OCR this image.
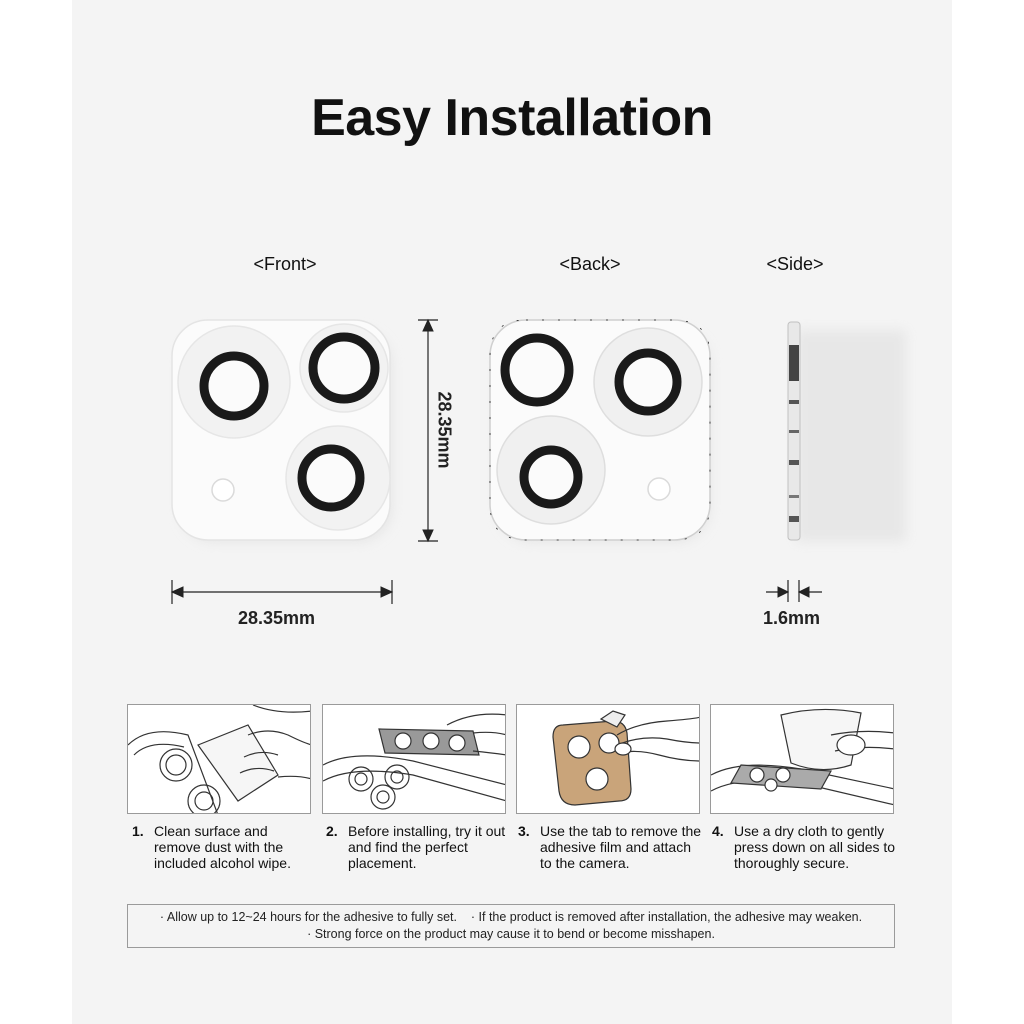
Easy Installation
<Front>	<Back>	<Side>
28.35mm
28.35mm	1.6mm
1. Clean surface and remove dust with the included alcohol wipe.
2. Before installing, try it out and find the perfect placement.
3. Use the tab to remove the adhesive film and attach to the camera.
4. Use a dry cloth to gently press down on all sides to thoroughly secure.
· Allow up to 12~24 hours for the adhesive to fully set. · If the product is removed after installation, the adhesive may weaken.
· Strong force on the product may cause it to bend or become misshapen.
